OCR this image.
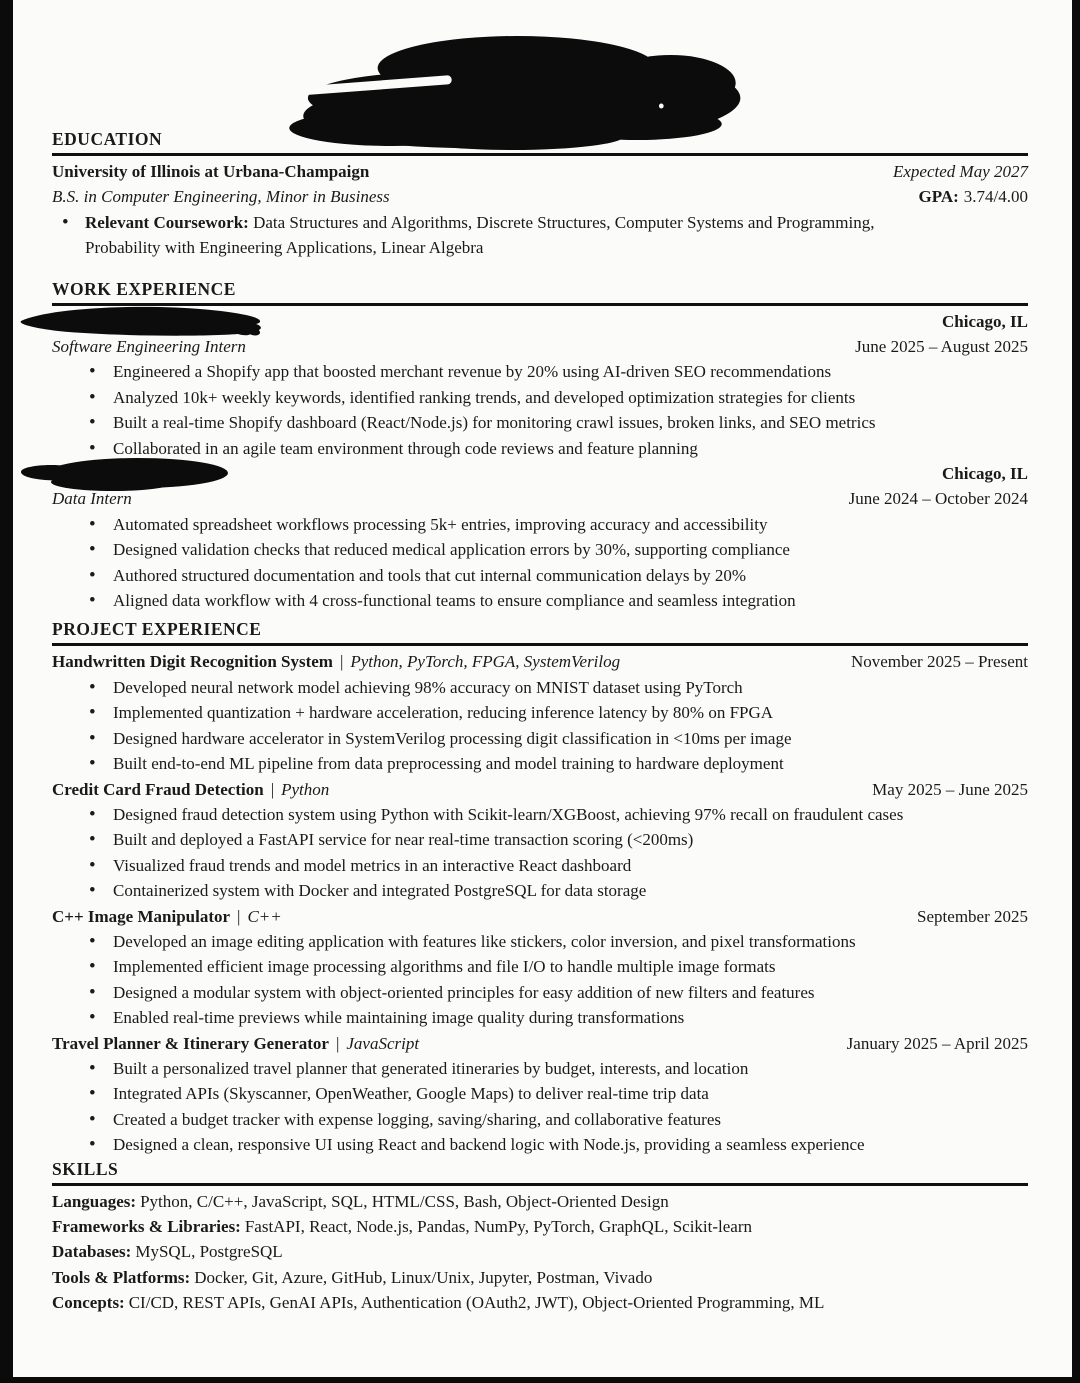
EDUCATION
University of Illinois at Urbana-Champaign	Expected May 2027
B.S. in Computer Engineering, Minor in Business	GPA: 3.74/4.00
• Relevant Coursework: Data Structures and Algorithms, Discrete Structures, Computer Systems and Programming,
Probability with Engineering Applications, Linear Algebra
WORK EXPERIENCE
Chicago, IL
Software Engineering Intern	June 2025 – August 2025
• Engineered a Shopify app that boosted merchant revenue by 20% using AI-driven SEO recommendations
• Analyzed 10k+ weekly keywords, identified ranking trends, and developed optimization strategies for clients
• Built a real-time Shopify dashboard (React/Node.js) for monitoring crawl issues, broken links, and SEO metrics
• Collaborated in an agile team environment through code reviews and feature planning
Chicago, IL
Data Intern	June 2024 – October 2024
• Automated spreadsheet workflows processing 5k+ entries, improving accuracy and accessibility
• Designed validation checks that reduced medical application errors by 30%, supporting compliance
• Authored structured documentation and tools that cut internal communication delays by 20%
• Aligned data workflow with 4 cross-functional teams to ensure compliance and seamless integration
PROJECT EXPERIENCE
Handwritten Digit Recognition System | Python, PyTorch, FPGA, SystemVerilog	November 2025 – Present
• Developed neural network model achieving 98% accuracy on MNIST dataset using PyTorch
• Implemented quantization + hardware acceleration, reducing inference latency by 80% on FPGA
• Designed hardware accelerator in SystemVerilog processing digit classification in <10ms per image
• Built end-to-end ML pipeline from data preprocessing and model training to hardware deployment
Credit Card Fraud Detection | Python	May 2025 – June 2025
• Designed fraud detection system using Python with Scikit-learn/XGBoost, achieving 97% recall on fraudulent cases
• Built and deployed a FastAPI service for near real-time transaction scoring (<200ms)
• Visualized fraud trends and model metrics in an interactive React dashboard
• Containerized system with Docker and integrated PostgreSQL for data storage
C++ Image Manipulator | C++	September 2025
• Developed an image editing application with features like stickers, color inversion, and pixel transformations
• Implemented efficient image processing algorithms and file I/O to handle multiple image formats
• Designed a modular system with object-oriented principles for easy addition of new filters and features
• Enabled real-time previews while maintaining image quality during transformations
Travel Planner & Itinerary Generator | JavaScript	January 2025 – April 2025
• Built a personalized travel planner that generated itineraries by budget, interests, and location
• Integrated APIs (Skyscanner, OpenWeather, Google Maps) to deliver real-time trip data
• Created a budget tracker with expense logging, saving/sharing, and collaborative features
• Designed a clean, responsive UI using React and backend logic with Node.js, providing a seamless experience
SKILLS
Languages: Python, C/C++, JavaScript, SQL, HTML/CSS, Bash, Object-Oriented Design
Frameworks & Libraries: FastAPI, React, Node.js, Pandas, NumPy, PyTorch, GraphQL, Scikit-learn
Databases: MySQL, PostgreSQL
Tools & Platforms: Docker, Git, Azure, GitHub, Linux/Unix, Jupyter, Postman, Vivado
Concepts: CI/CD, REST APIs, GenAI APIs, Authentication (OAuth2, JWT), Object-Oriented Programming, ML
